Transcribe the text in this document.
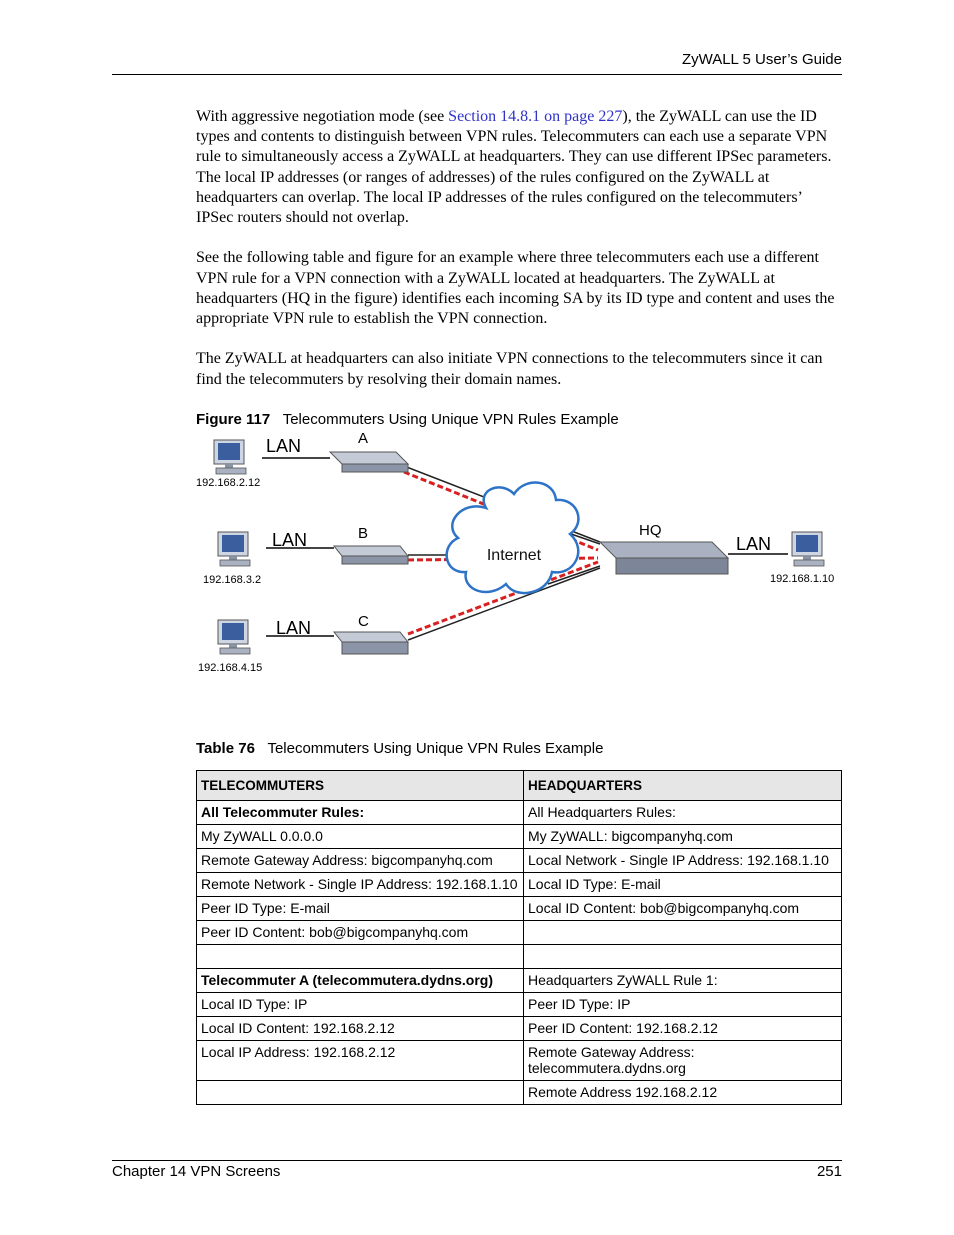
ZyWALL 5 User’s Guide

With aggressive negotiation mode (see Section 14.8.1 on page 227), the ZyWALL can use the ID types and contents to distinguish between VPN rules. Telecommuters can each use a separate VPN rule to simultaneously access a ZyWALL at headquarters. They can use different IPSec parameters. The local IP addresses (or ranges of addresses) of the rules configured on the ZyWALL at headquarters can overlap. The local IP addresses of the rules configured on the telecommuters’ IPSec routers should not overlap.

See the following table and figure for an example where three telecommuters each use a different VPN rule for a VPN connection with a ZyWALL located at headquarters. The ZyWALL at headquarters (HQ in the figure) identifies each incoming SA by its ID type and content and uses the appropriate VPN rule to establish the VPN connection.

The ZyWALL at headquarters can also initiate VPN connections to the telecommuters since it can find the telecommuters by resolving their domain names.

Figure 117 Telecommuters Using Unique VPN Rules Example
Internet
LAN
LAN
LAN
LAN
A
B
C
HQ
192.168.2.12
192.168.3.2
192.168.4.15
192.168.1.10
Table 76 Telecommuters Using Unique VPN Rules Example
TELECOMMUTERS	HEADQUARTERS
All Telecommuter Rules:	All Headquarters Rules:
My ZyWALL 0.0.0.0	My ZyWALL: bigcompanyhq.com
Remote Gateway Address: bigcompanyhq.com	Local Network - Single IP Address: 192.168.1.10
Remote Network - Single IP Address: 192.168.1.10	Local ID Type: E-mail
Peer ID Type: E-mail	Local ID Content: bob@bigcompanyhq.com
Peer ID Content: bob@bigcompanyhq.com	

Telecommuter A (telecommutera.dydns.org)	Headquarters ZyWALL Rule 1:
Local ID Type: IP	Peer ID Type: IP
Local ID Content: 192.168.2.12	Peer ID Content: 192.168.2.12
Local IP Address: 192.168.2.12	Remote Gateway Address: telecommutera.dydns.org
	Remote Address 192.168.2.12
Chapter 14 VPN Screens	251
